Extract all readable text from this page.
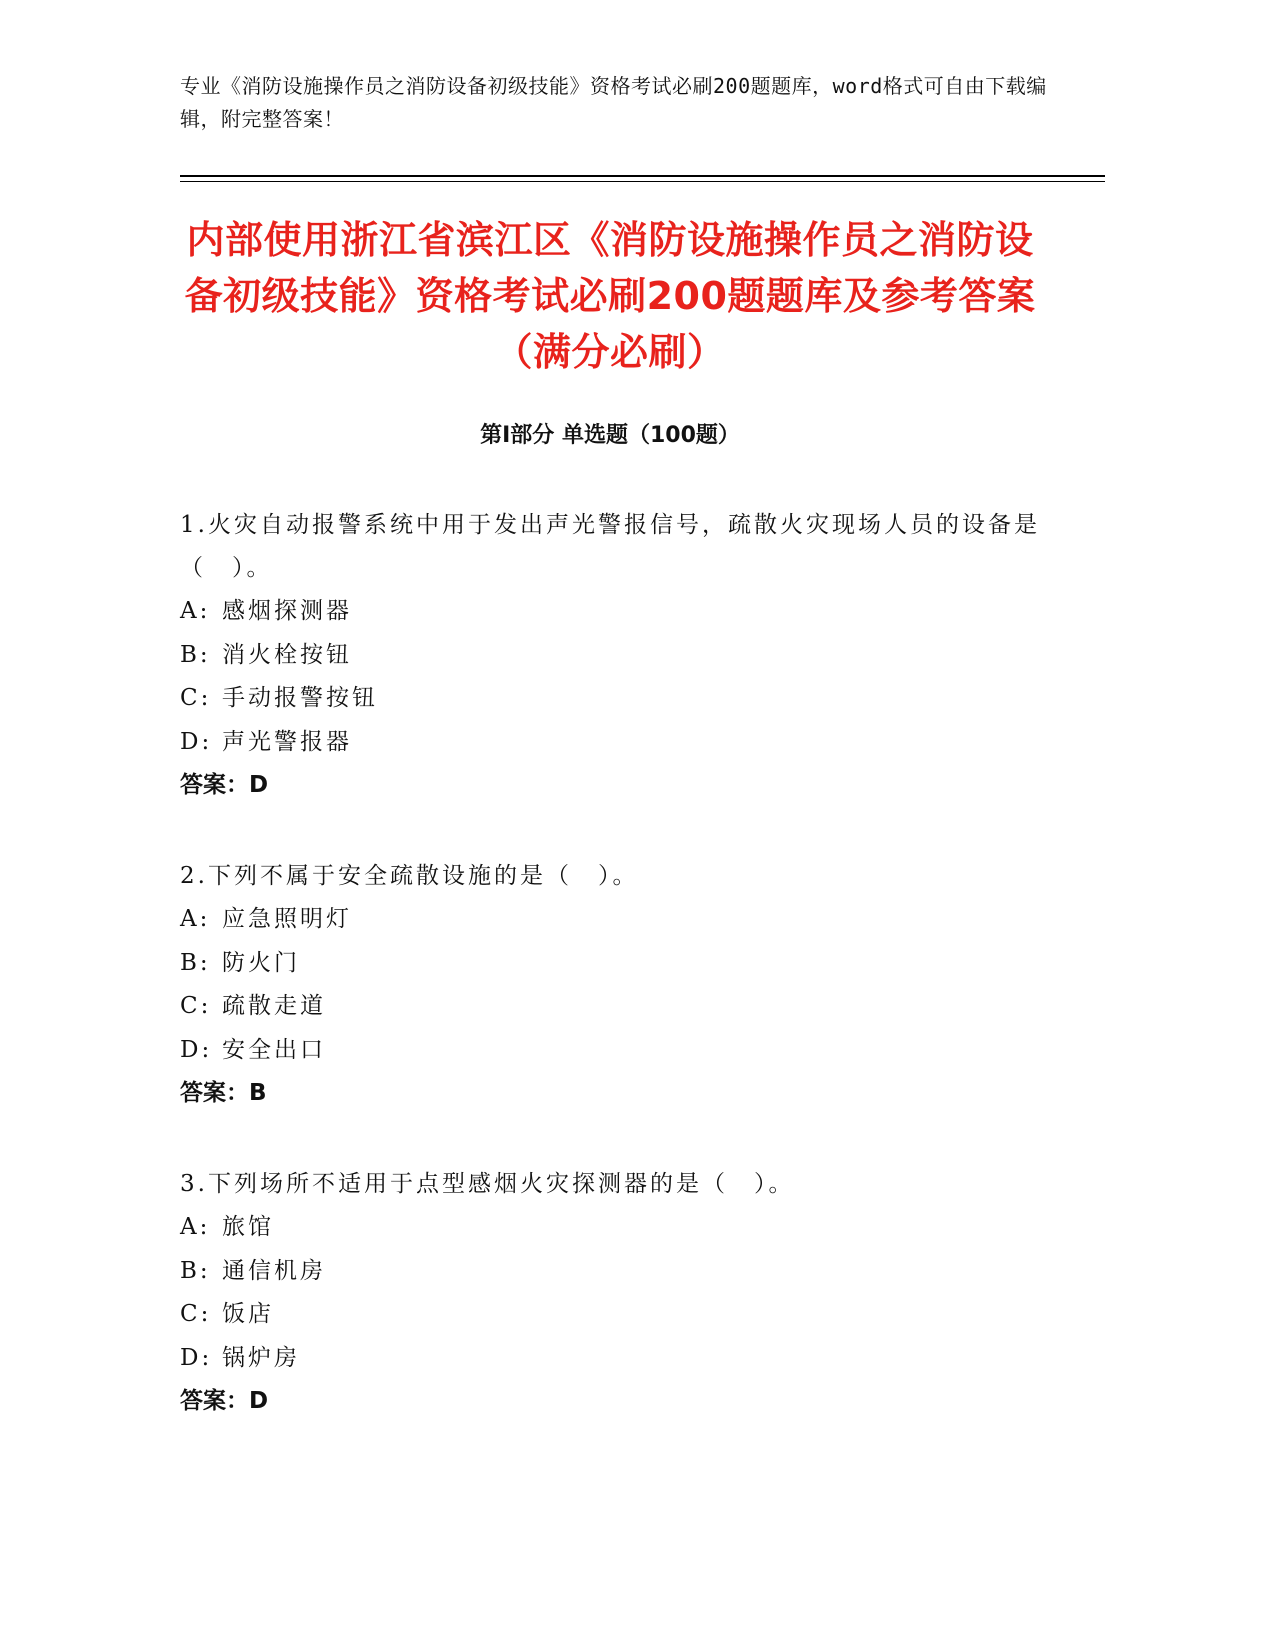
专业《消防设施操作员之消防设备初级技能》资格考试必刷200题题库，word格式可自由下载编辑，附完整答案！
内部使用浙江省滨江区《消防设施操作员之消防设备初级技能》资格考试必刷200题题库及参考答案（满分必刷）
第Ⅰ部分 单选题（100题）
1.火灾自动报警系统中用于发出声光警报信号，疏散火灾现场人员的设备是（　）。
A: 感烟探测器
B: 消火栓按钮
C: 手动报警按钮
D: 声光警报器
答案：D
2.下列不属于安全疏散设施的是（　）。
A: 应急照明灯
B: 防火门
C: 疏散走道
D: 安全出口
答案：B
3.下列场所不适用于点型感烟火灾探测器的是（　）。
A: 旅馆
B: 通信机房
C: 饭店
D: 锅炉房
答案：D
